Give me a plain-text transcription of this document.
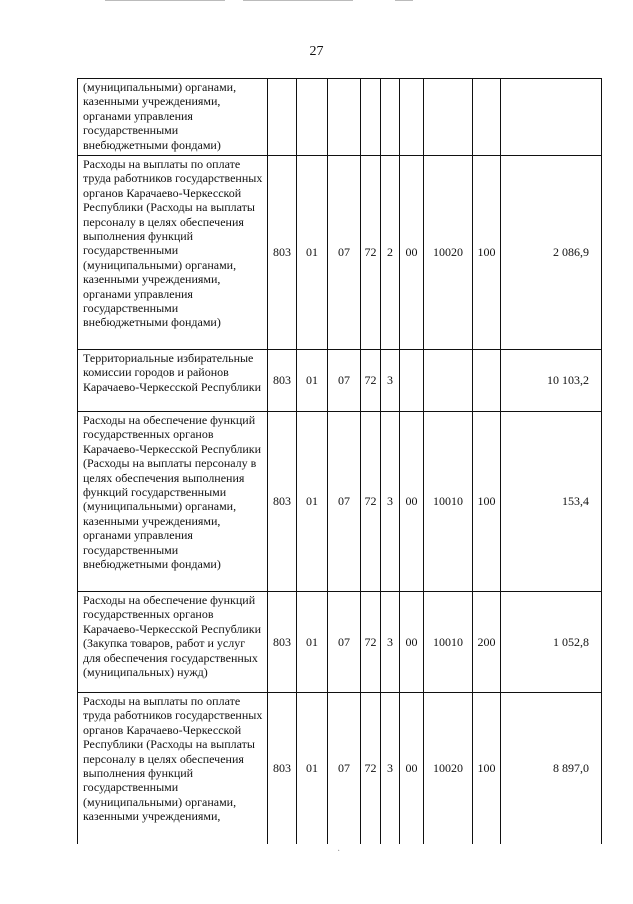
27
(муниципальными) органами, казенными учреждениями, органами управления государственными внебюджетными фондами)									
Расходы на выплаты по оплате труда работников государственных органов Карачаево-Черкесской Республики (Расходы на выплаты персоналу в целях обеспечения выполнения функций государственными (муниципальными) органами, казенными учреждениями, органами управления государственными внебюджетными фондами)	803	01	07	72	2	00	10020	100	2 086,9
Территориальные избирательные комиссии городов и районов Карачаево-Черкесской Республики	803	01	07	72	3				10 103,2
Расходы на обеспечение функций государственных органов Карачаево-Черкесской Республики (Расходы на выплаты персоналу в целях обеспечения выполнения функций государственными (муниципальными) органами, казенными учреждениями, органами управления государственными внебюджетными фондами)	803	01	07	72	3	00	10010	100	153,4
Расходы на обеспечение функций государственных органов Карачаево-Черкесской Республики (Закупка товаров, работ и услуг для обеспечения государственных (муниципальных) нужд)	803	01	07	72	3	00	10010	200	1 052,8
Расходы на выплаты по оплате труда работников государственных органов Карачаево-Черкесской Республики (Расходы на выплаты персоналу в целях обеспечения выполнения функций государственными (муниципальными) органами, казенными учреждениями,	803	01	07	72	3	00	10020	100	8 897,0
·
